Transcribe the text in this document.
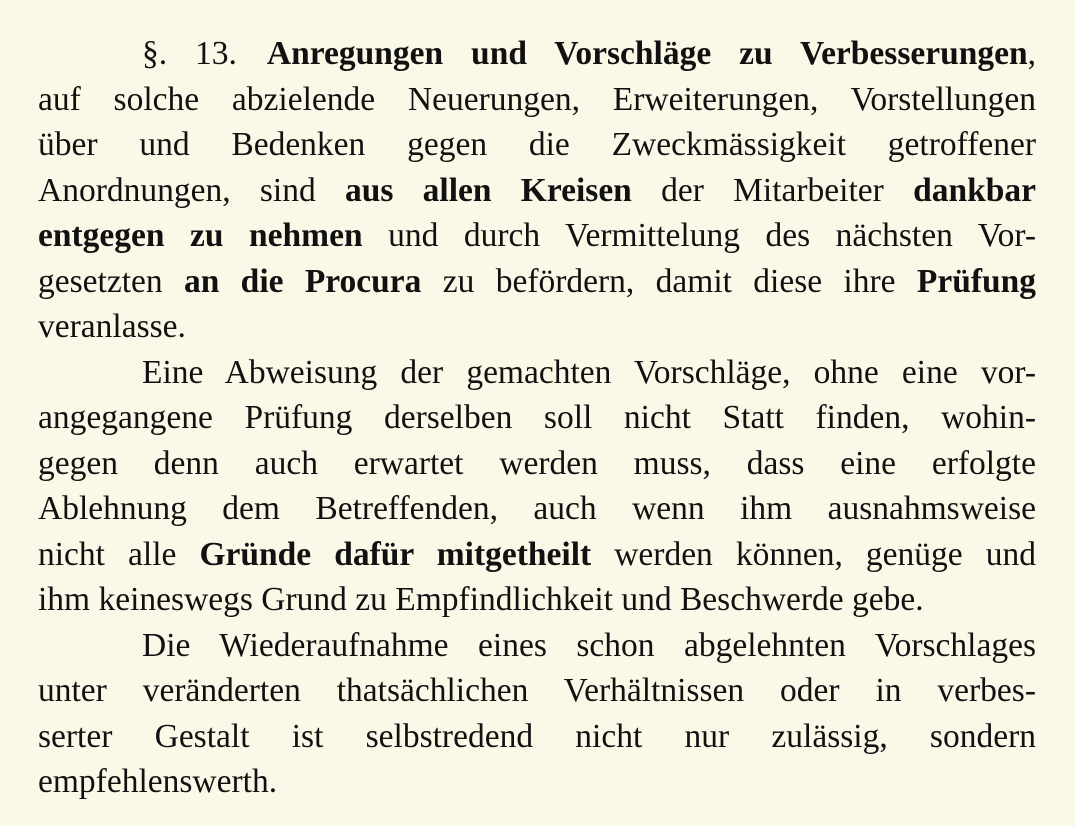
§. 13. Anregungen und Vorschläge zu Verbesserungen,
auf solche abzielende Neuerungen, Erweiterungen, Vorstellungen
über und Bedenken gegen die Zweckmässigkeit getroffener
Anordnungen, sind aus allen Kreisen der Mitarbeiter dankbar
entgegen zu nehmen und durch Vermittelung des nächsten Vor-
gesetzten an die Procura zu befördern, damit diese ihre Prüfung
veranlasse.
Eine Abweisung der gemachten Vorschläge, ohne eine vor-
angegangene Prüfung derselben soll nicht Statt finden, wohin-
gegen denn auch erwartet werden muss, dass eine erfolgte
Ablehnung dem Betreffenden, auch wenn ihm ausnahmsweise
nicht alle Gründe dafür mitgetheilt werden können, genüge und
ihm keineswegs Grund zu Empfindlichkeit und Beschwerde gebe.
Die Wiederaufnahme eines schon abgelehnten Vorschlages
unter veränderten thatsächlichen Verhältnissen oder in verbes-
serter Gestalt ist selbstredend nicht nur zulässig, sondern
empfehlenswerth.
